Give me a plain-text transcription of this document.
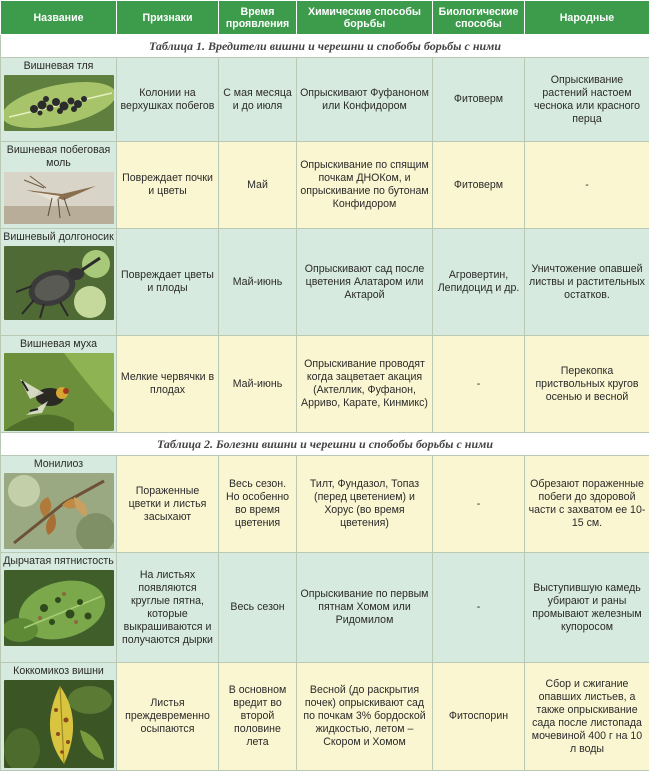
Название	Признаки	Время проявления	Химические способы борьбы	Биологические способы	Народные
Таблица 1. Вредители вишни и черешни и спобобы борьбы с ними					

Вишневая тля	Колонии на верхушках побегов	С мая месяца и до июля	Опрыскивают Фуфаноном или Конфидором	Фитоверм	Опрыскивание растений настоем чеснока или красного перца

Вишневая побеговая моль	Повреждает почки и цветы	Май	Опрыскивание по спящим почкам ДНОКом, и опрыскивание по бутонам Конфидором	Фитоверм	-

Вишневый долгоносик	Повреждает цветы и плоды	Май-июнь	Опрыскивают сад после цветения Алатаром или Актарой	Агровертин, Лепидоцид и др.	Уничтожение опавшей листвы и растительных остатков.

Вишневая муха	Мелкие червячки в плодах	Май-июнь	Опрыскивание проводят когда зацветает акация (Актеллик, Фуфанон, Арриво, Карате, Кинмикс)	-	Перекопка приствольных кругов осенью и весной
Таблица 2. Болезни вишни и черешни и спобобы борьбы с ними					

Монилиоз	Пораженные цветки и листья засыхают	Весь сезон. Но особенно во время цветения	Тилт, Фундазол, Топаз (перед цветением) и Хорус (во время цветения)	-	Обрезают пораженные побеги до здоровой части с захватом ее 10-15 см.

Дырчатая пятнистость	На листьях появляются круглые пятна, которые выкрашиваются и получаются дырки	Весь сезон	Опрыскивание по первым пятнам Хомом или Ридомилом	-	Выступившую камедь убирают и раны промывают железным купоросом

Коккомикоз вишни	Листья преждевременно осыпаются	В основном вредит во второй половине лета	Весной (до раскрытия почек) опрыскивают сад по почкам 3% бордоской жидкостью, летом – Скором и Хомом	Фитоспорин	Сбор и сжигание опавших листьев, а также опрыскивание сада после листопада мочевиной 400 г на 10 л воды
